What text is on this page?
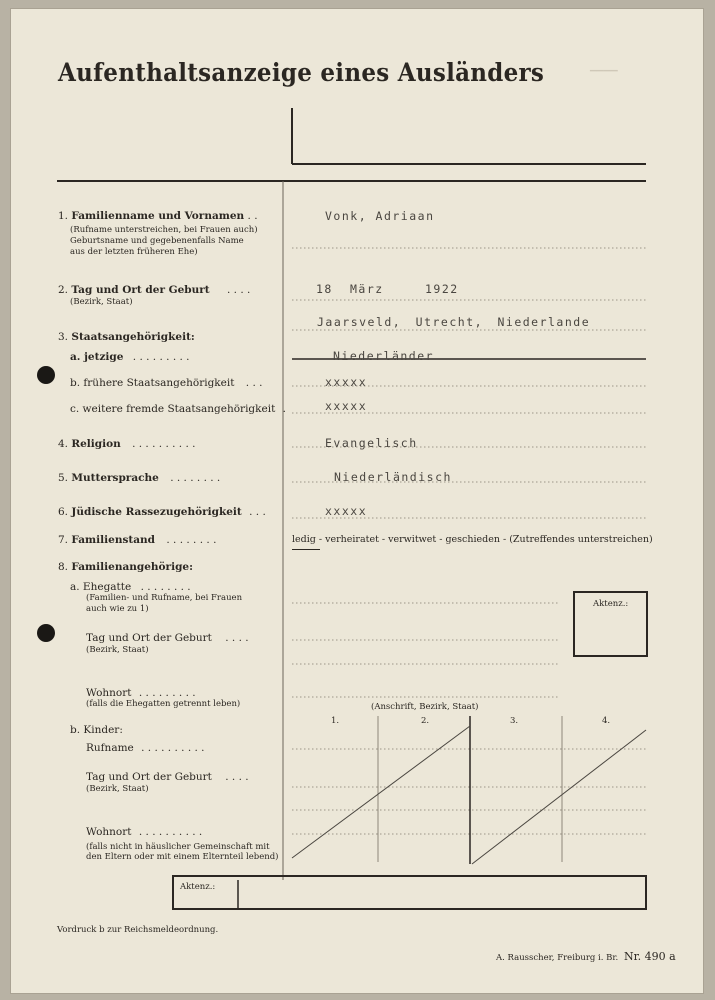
Aufenthaltsanzeige eines Ausländers	▁▁▁▁
Aktenz.:
1. Familienname und Vornamen . .
(Rufname unterstreichen, bei Frauen auch)
Geburtsname und gegebenenfalls Name
aus der letzten früheren Ehe)
Vonk, Adriaan
2. Tag und Ort der Geburt . . . .
(Bezirk, Staat)
18 März	1922
Jaarsveld, Utrecht, Niederlande
3. Staatsangehörigkeit:
a. jetzige . . . . . . . . .	Niederländer
b. frühere Staatsangehörigkeit . . .	xxxxx
c. weitere fremde Staatsangehörigkeit .	xxxxx
4. Religion . . . . . . . . . .	Evangelisch
5. Muttersprache . . . . . . . .	Niederländisch
6. Jüdische Rassezugehörigkeit . . .	xxxxx
7. Familienstand . . . . . . . .	ledig - verheiratet - verwitwet - geschieden - (Zutreffendes unterstreichen)
8. Familienangehörige:
a. Ehegatte . . . . . . . .
(Familien- und Rufname, bei Frauen
auch wie zu 1)
Tag und Ort der Geburt . . . .
(Bezirk, Staat)
Wohnort . . . . . . . . .
(falls die Ehegatten getrennt leben)	(Anschrift, Bezirk, Staat)
b. Kinder:
1.	2.	3.	4.
Rufname . . . . . . . . . .
Tag und Ort der Geburt . . . .
(Bezirk, Staat)
Wohnort . . . . . . . . . .
(falls nicht in häuslicher Gemeinschaft mit
den Eltern oder mit einem Elternteil lebend)
Aktenz.:
Vordruck b zur Reichsmeldeordnung.
A. Rausscher, Freiburg i. Br. Nr. 490 a
